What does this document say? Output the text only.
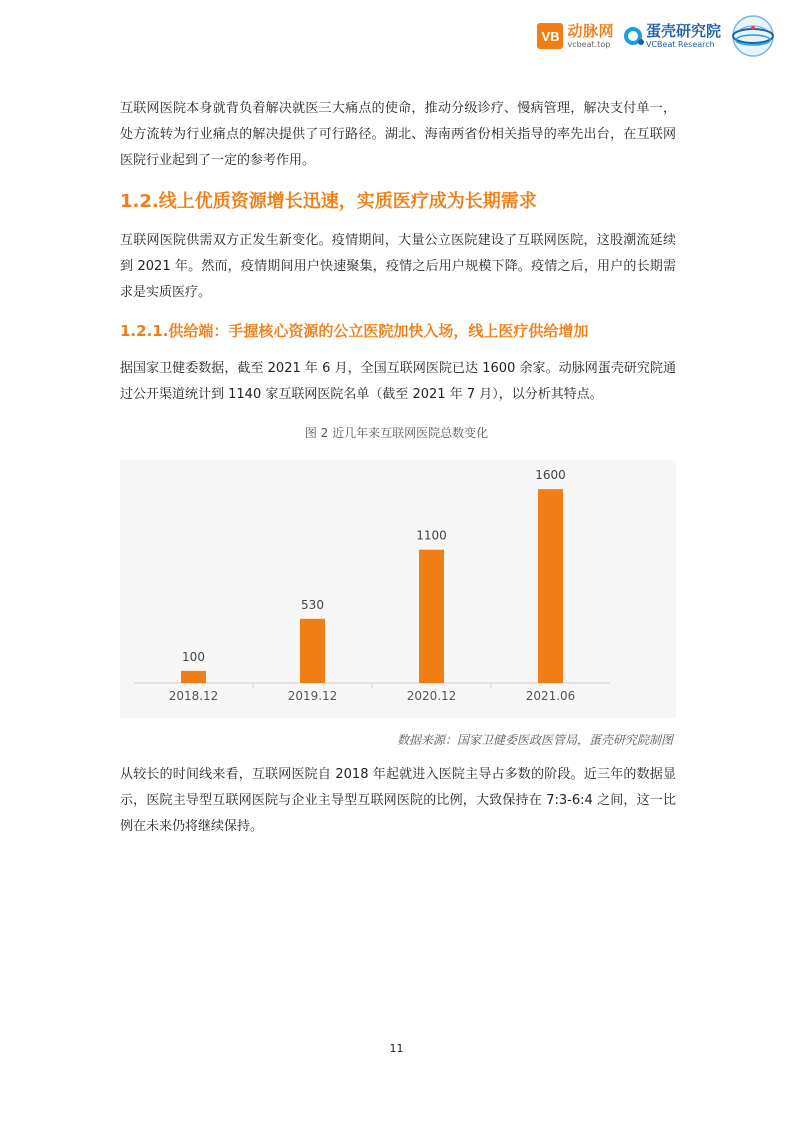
VB 动脉网
vcbeat.top
蛋壳研究院
VCBeat Research

互联网医院本身就背负着解决就医三大痛点的使命，推动分级诊疗、慢病管理，解决支付单一，处方流转为行业痛点的解决提供了可行路径。湖北、海南两省份相关指导的率先出台，在互联网医院行业起到了一定的参考作用。

1.2.线上优质资源增长迅速，实质医疗成为长期需求

互联网医院供需双方正发生新变化。疫情期间，大量公立医院建设了互联网医院，这股潮流延续到 2021 年。然而，疫情期间用户快速聚集，疫情之后用户规模下降。疫情之后，用户的长期需求是实质医疗。

1.2.1.供给端：手握核心资源的公立医院加快入场，线上医疗供给增加

据国家卫健委数据，截至 2021 年 6 月，全国互联网医院已达 1600 余家。动脉网蛋壳研究院通过公开渠道统计到 1140 家互联网医院名单（截至 2021 年 7 月），以分析其特点。

图 2 近几年来互联网医院总数变化

100
2018.12
530
2019.12
1100
2020.12
1600
2021.06

数据来源：国家卫健委医政医管局，蛋壳研究院制图

从较长的时间线来看，互联网医院自 2018 年起就进入医院主导占多数的阶段。近三年的数据显示，医院主导型互联网医院与企业主导型互联网医院的比例，大致保持在 7:3-6:4 之间，这一比例在未来仍将继续保持。

11
